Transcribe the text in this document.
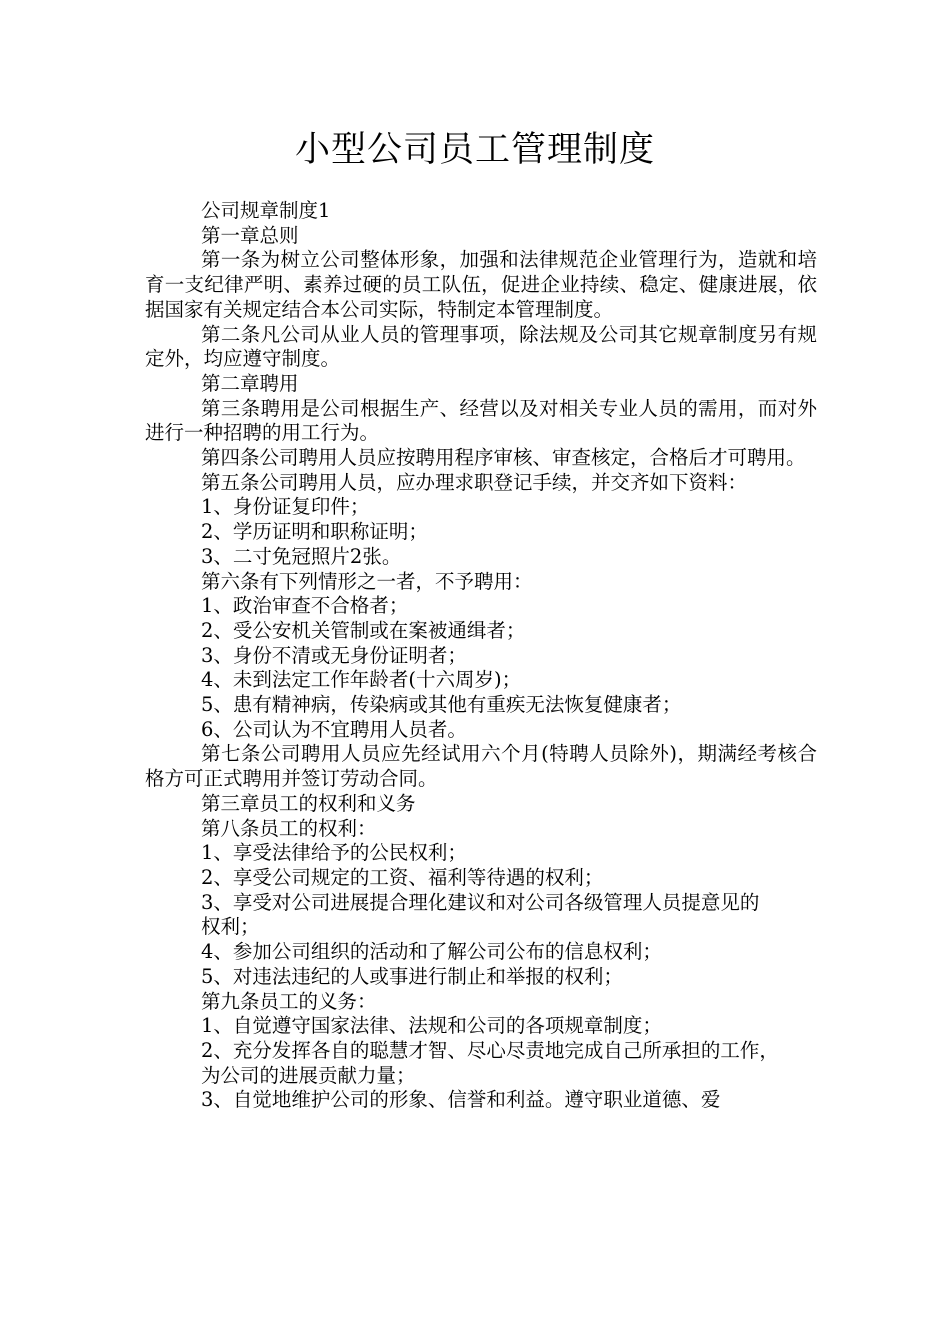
小型公司员工管理制度

公司规章制度1

第一章总则

第一条为树立公司整体形象，加强和法律规范企业管理行为，造就和培育一支纪律严明、素养过硬的员工队伍，促进企业持续、稳定、健康进展，依据国家有关规定结合本公司实际，特制定本管理制度。

第二条凡公司从业人员的管理事项，除法规及公司其它规章制度另有规定外，均应遵守制度。

第二章聘用

第三条聘用是公司根据生产、经营以及对相关专业人员的需用，而对外进行一种招聘的用工行为。

第四条公司聘用人员应按聘用程序审核、审查核定，合格后才可聘用。

第五条公司聘用人员，应办理求职登记手续，并交齐如下资料：

1、身份证复印件；

2、学历证明和职称证明；

3、二寸免冠照片2张。

第六条有下列情形之一者，不予聘用：

1、政治审查不合格者；

2、受公安机关管制或在案被通缉者；

3、身份不清或无身份证明者；

4、未到法定工作年龄者(十六周岁)；

5、患有精神病，传染病或其他有重疾无法恢复健康者；

6、公司认为不宜聘用人员者。

第七条公司聘用人员应先经试用六个月(特聘人员除外)，期满经考核合格方可正式聘用并签订劳动合同。

第三章员工的权利和义务

第八条员工的权利：

1、享受法律给予的公民权利；

2、享受公司规定的工资、福利等待遇的权利；

3、享受对公司进展提合理化建议和对公司各级管理人员提意见的

权利；

4、参加公司组织的活动和了解公司公布的信息权利；

5、对违法违纪的人或事进行制止和举报的权利；

第九条员工的义务：

1、自觉遵守国家法律、法规和公司的各项规章制度；

2、充分发挥各自的聪慧才智、尽心尽责地完成自己所承担的工作，

为公司的进展贡献力量；

3、自觉地维护公司的形象、信誉和利益。遵守职业道德、爱
